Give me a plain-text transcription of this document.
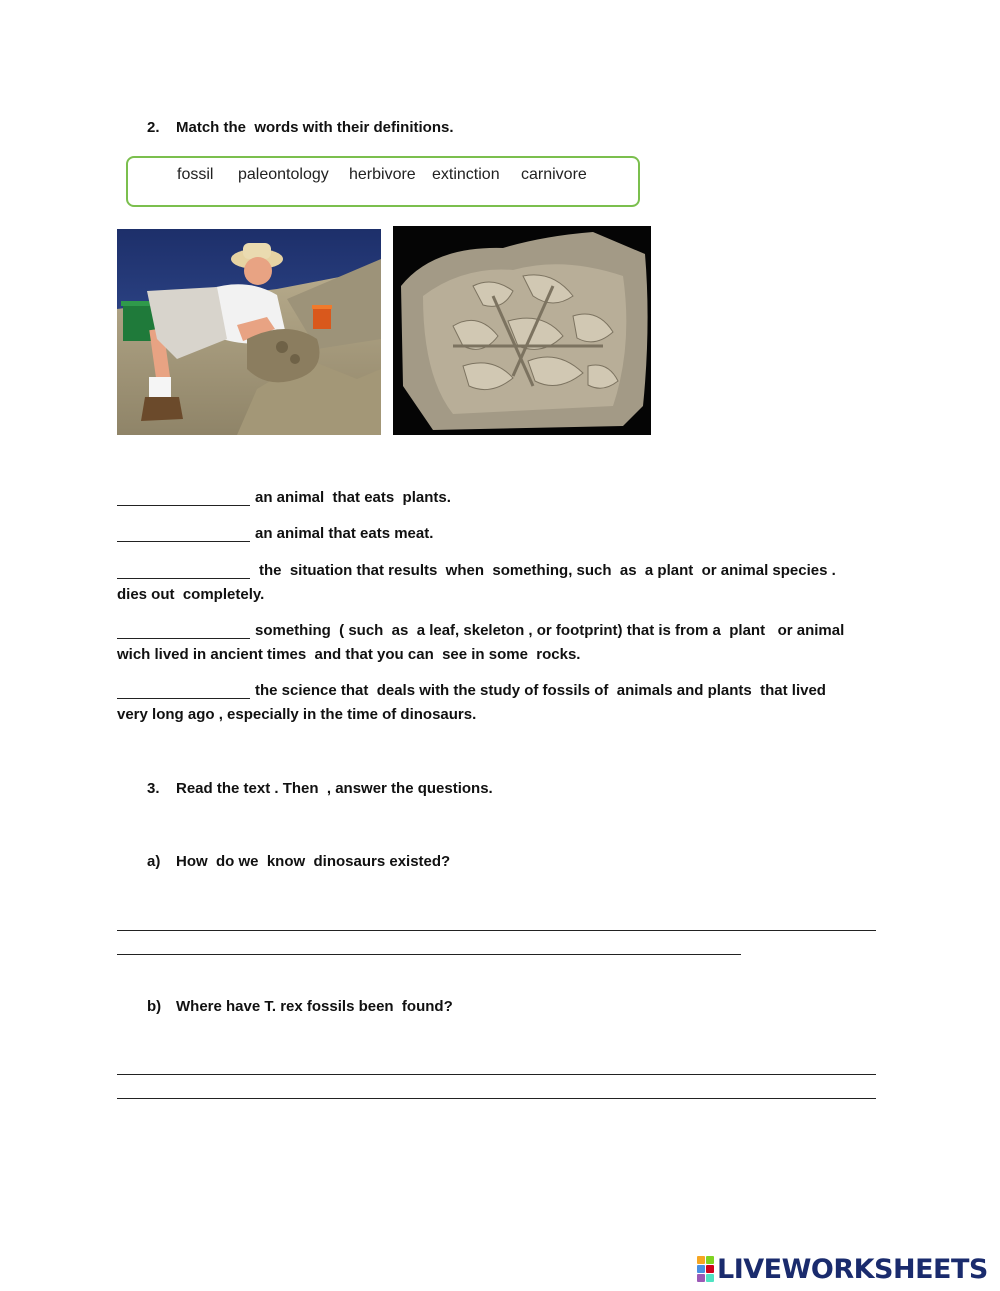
2. Match the  words with their definitions.
fossil paleontology herbivore extinction carnivore
an animal  that eats  plants.
an animal that eats meat.
the  situation that results  when  something, such  as  a plant  or animal species .
dies out  completely.
something  ( such  as  a leaf, skeleton , or footprint) that is from a  plant   or animal
wich lived in ancient times  and that you can  see in some  rocks.
the science that  deals with the study of fossils of  animals and plants  that lived
very long ago , especially in the time of dinosaurs.
3. Read the text . Then  , answer the questions.
a) How  do we  know  dinosaurs existed?
b) Where have T. rex fossils been  found?
LIVEWORKSHEETS
